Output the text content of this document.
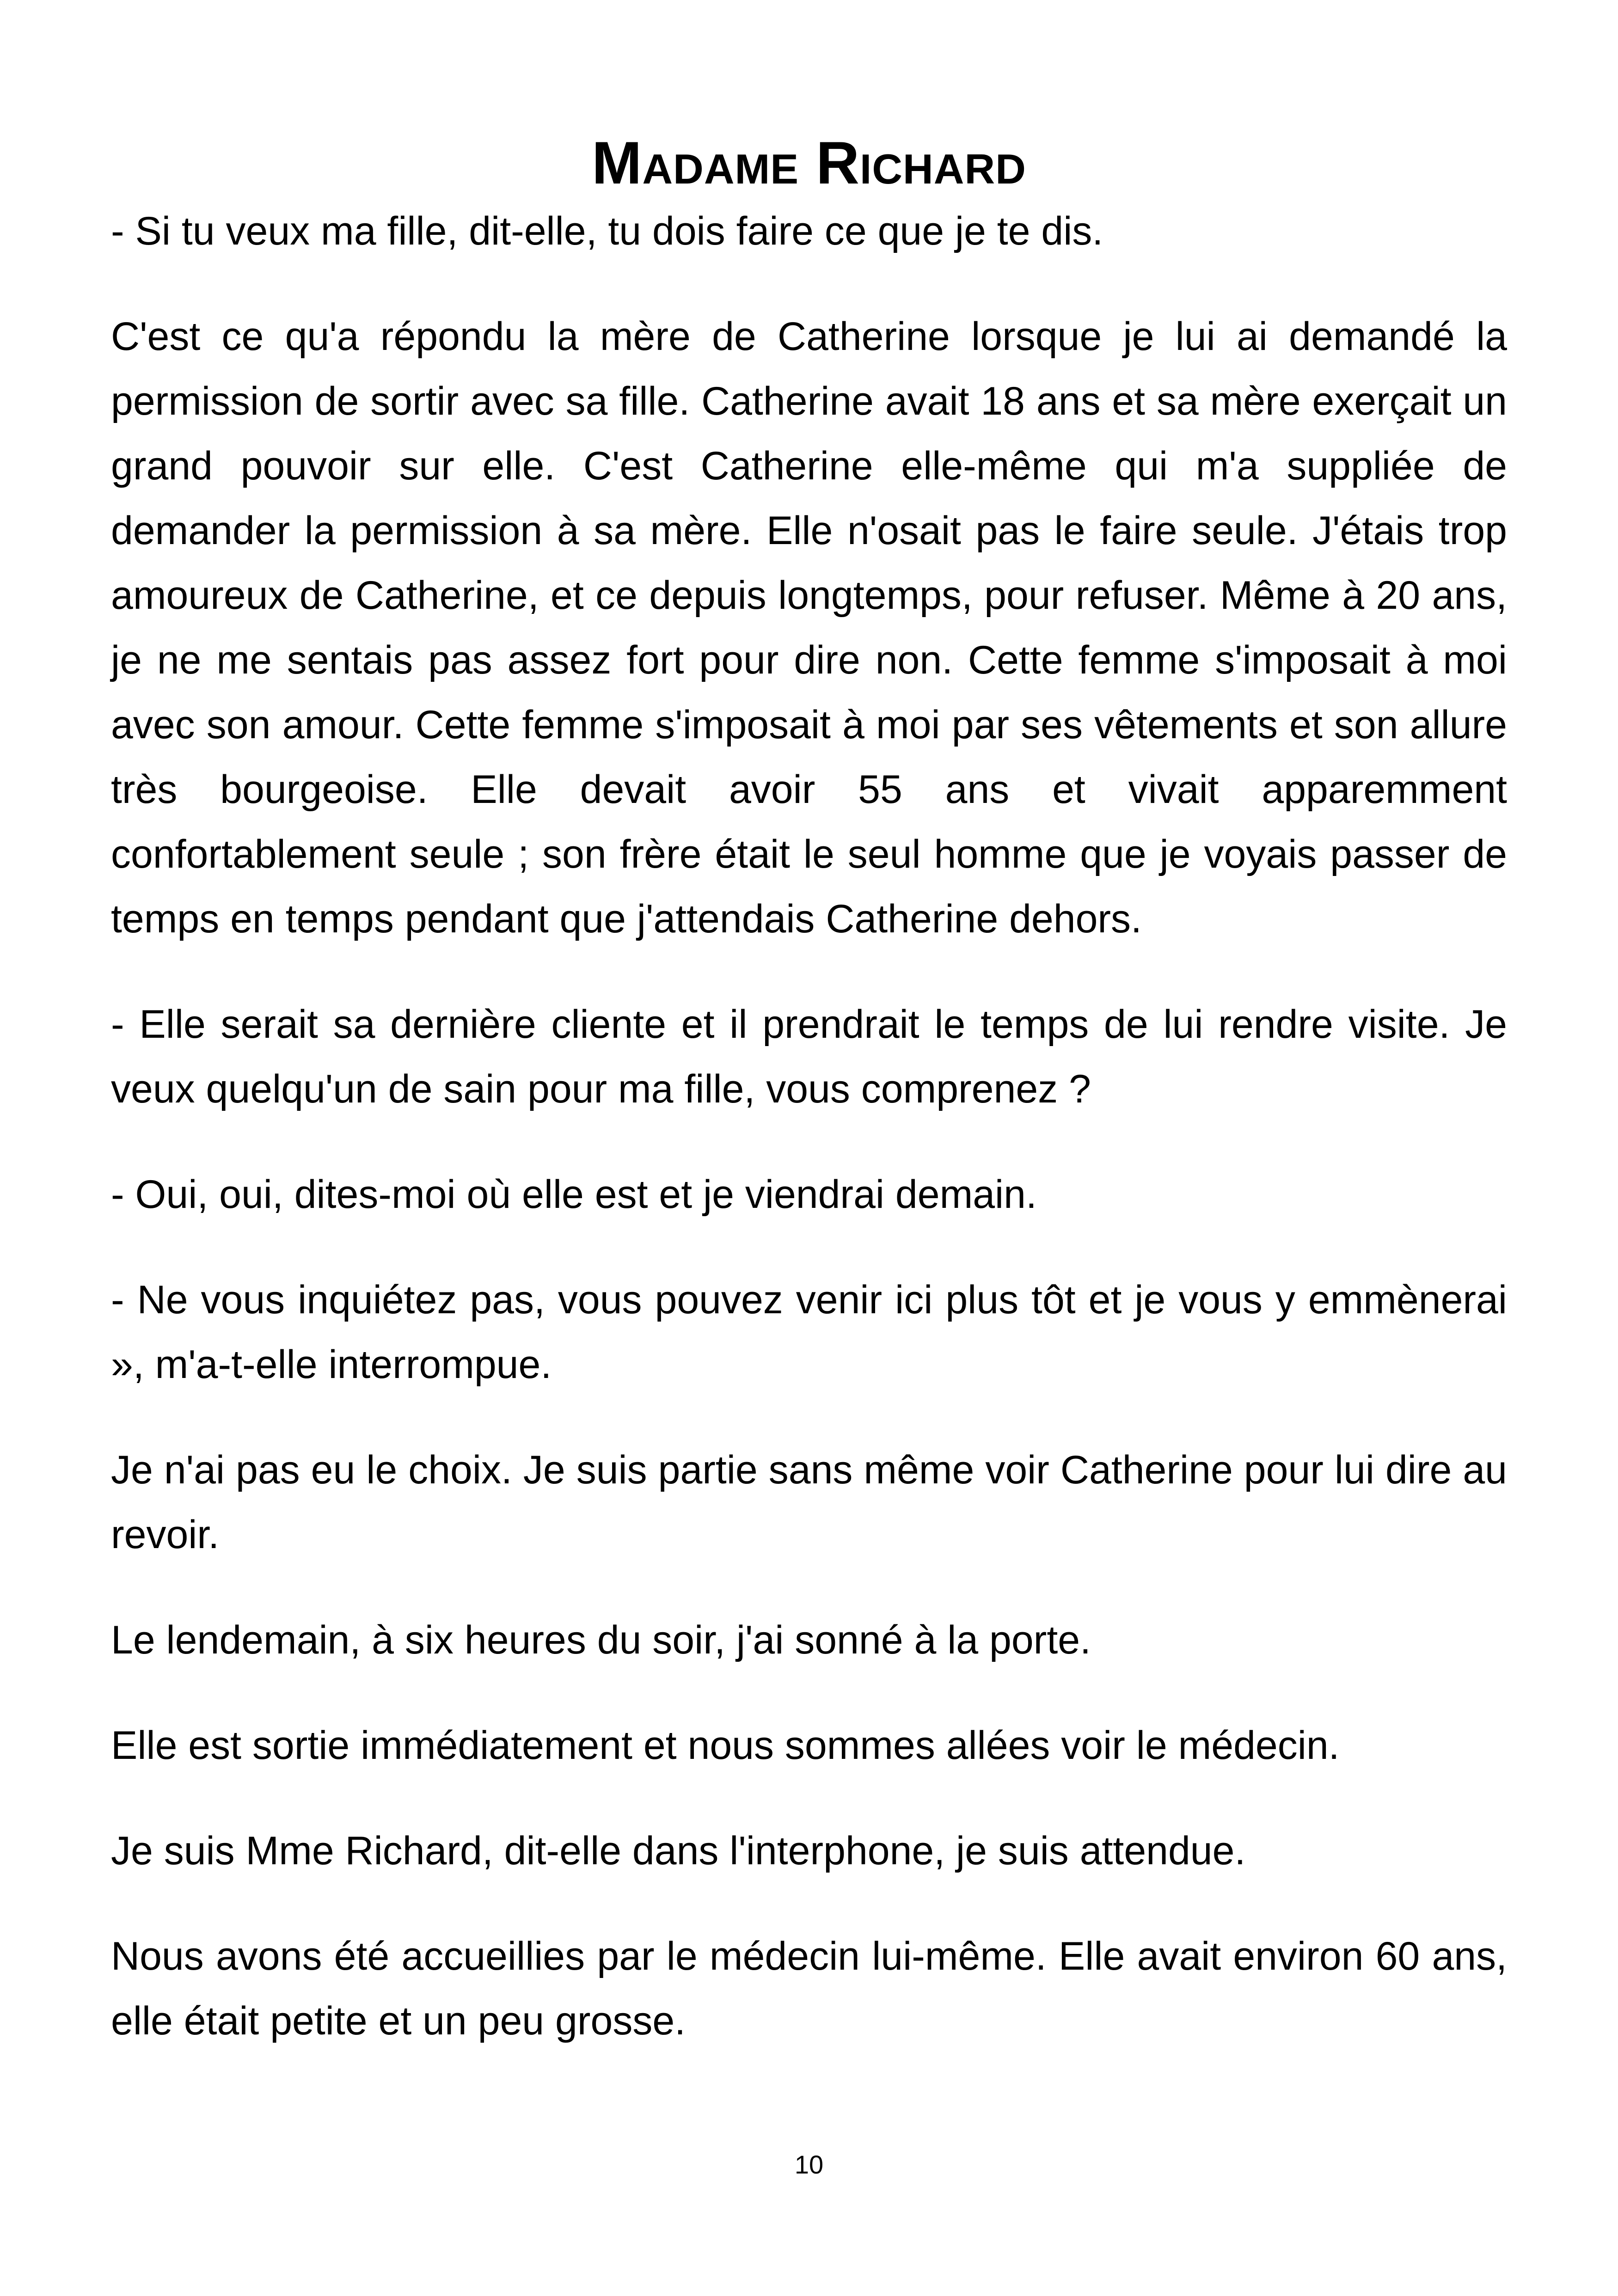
Madame Richard

- Si tu veux ma fille, dit-elle, tu dois faire ce que je te dis.

C'est ce qu'a répondu la mère de Catherine lorsque je lui ai demandé la permission de sortir avec sa fille. Catherine avait 18 ans et sa mère exerçait un grand pouvoir sur elle. C'est Catherine elle-même qui m'a suppliée de demander la permission à sa mère. Elle n'osait pas le faire seule. J'étais trop amoureux de Catherine, et ce depuis longtemps, pour refuser. Même à 20 ans, je ne me sentais pas assez fort pour dire non. Cette femme s'imposait à moi avec son amour. Cette femme s'imposait à moi par ses vêtements et son allure très bourgeoise. Elle devait avoir 55 ans et vivait apparemment confortablement seule ; son frère était le seul homme que je voyais passer de temps en temps pendant que j'attendais Catherine dehors.

- Elle serait sa dernière cliente et il prendrait le temps de lui rendre visite. Je veux quelqu'un de sain pour ma fille, vous comprenez ?

- Oui, oui, dites-moi où elle est et je viendrai demain.

- Ne vous inquiétez pas, vous pouvez venir ici plus tôt et je vous y emmènerai », m'a-t-elle interrompue.

Je n'ai pas eu le choix. Je suis partie sans même voir Catherine pour lui dire au revoir.

Le lendemain, à six heures du soir, j'ai sonné à la porte.

Elle est sortie immédiatement et nous sommes allées voir le médecin.

Je suis Mme Richard, dit-elle dans l'interphone, je suis attendue.

Nous avons été accueillies par le médecin lui-même. Elle avait environ 60 ans, elle était petite et un peu grosse.

10
